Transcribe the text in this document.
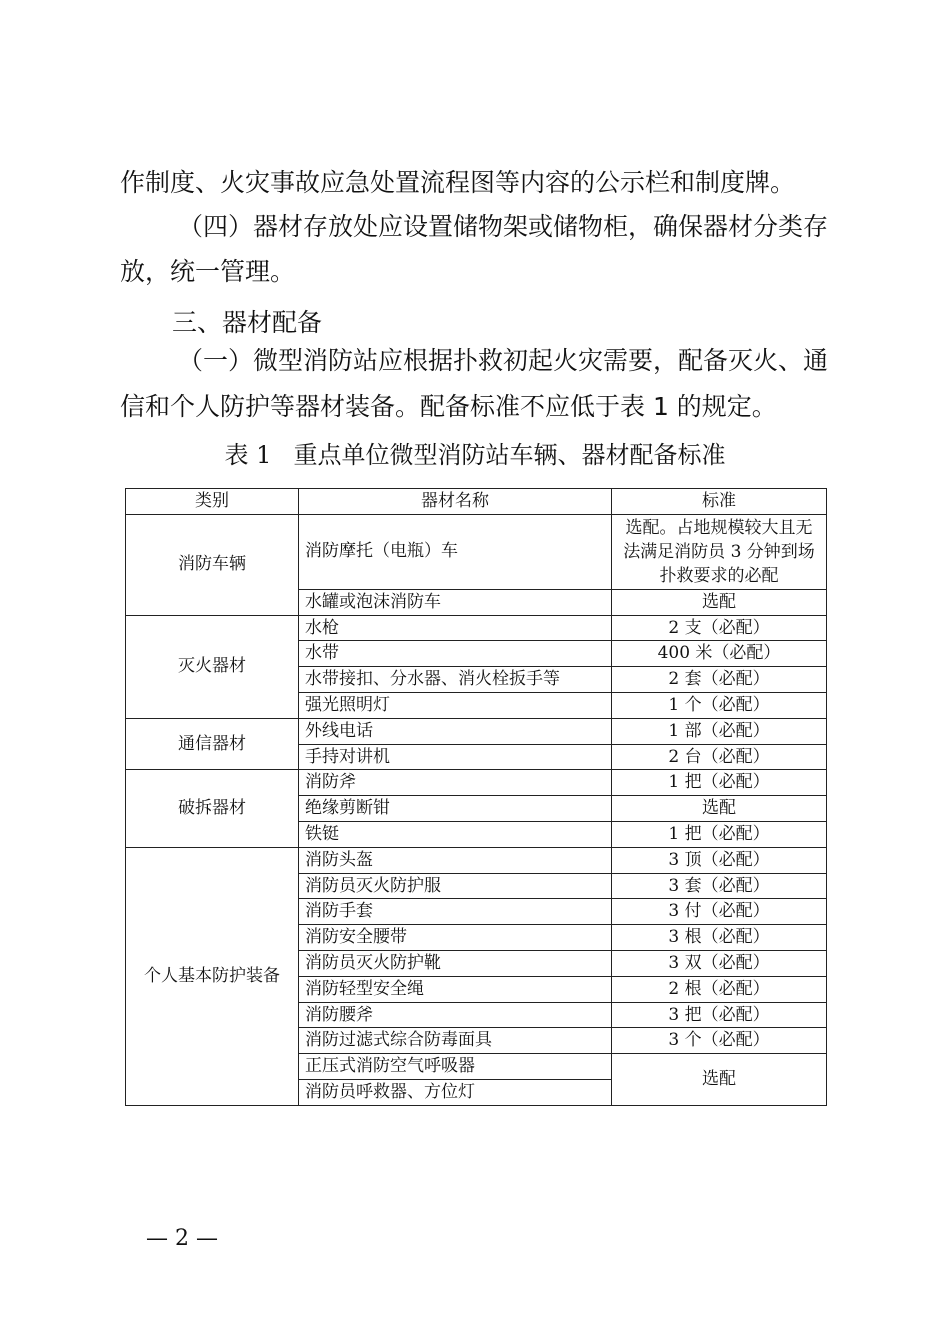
作制度、火灾事故应急处置流程图等内容的公示栏和制度牌。
（四）器材存放处应设置储物架或储物柜，确保器材分类存
放，统一管理。
三、器材配备
（一）微型消防站应根据扑救初起火灾需要，配备灭火、通
信和个人防护等器材装备。配备标准不应低于表 1 的规定。
表 1 重点单位微型消防站车辆、器材配备标准
类别	器材名称	标准
消防车辆	消防摩托（电瓶）车	选配。占地规模较大且无法满足消防员 3 分钟到场扑救要求的必配
	水罐或泡沫消防车	选配
灭火器材	水枪	2 支（必配）
	水带	400 米（必配）
	水带接扣、分水器、消火栓扳手等	2 套（必配）
	强光照明灯	1 个（必配）
通信器材	外线电话	1 部（必配）
	手持对讲机	2 台（必配）
破拆器材	消防斧	1 把（必配）
	绝缘剪断钳	选配
	铁铤	1 把（必配）
个人基本防护装备	消防头盔	3 顶（必配）
	消防员灭火防护服	3 套（必配）
	消防手套	3 付（必配）
	消防安全腰带	3 根（必配）
	消防员灭火防护靴	3 双（必配）
	消防轻型安全绳	2 根（必配）
	消防腰斧	3 把（必配）
	消防过滤式综合防毒面具	3 个（必配）
	正压式消防空气呼吸器	选配
	消防员呼救器、方位灯	
— 2 —
